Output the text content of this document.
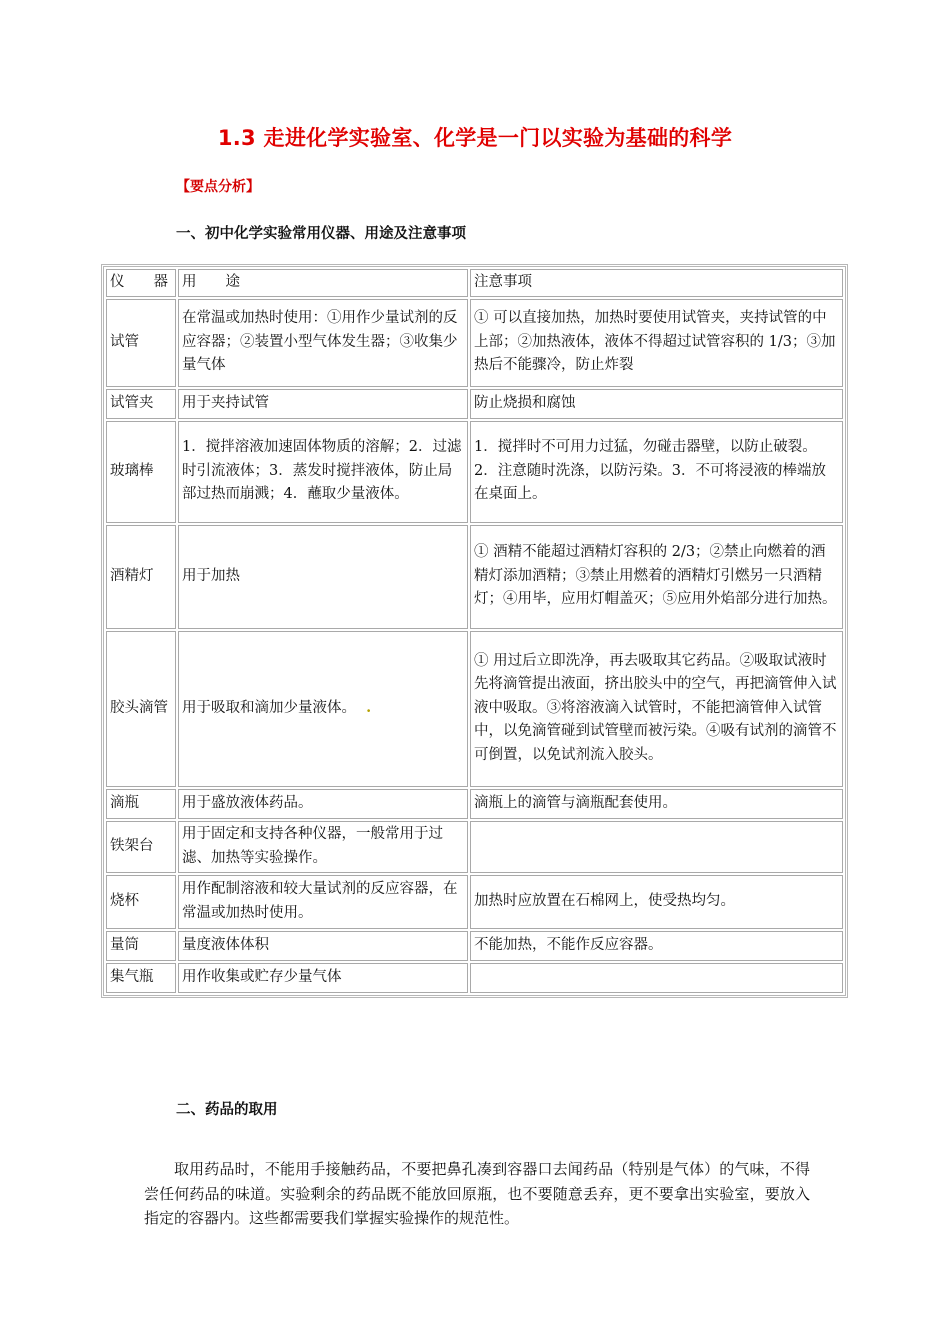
1.3 走进化学实验室、化学是一门以实验为基础的科学
【要点分析】
一、初中化学实验常用仪器、用途及注意事项
仪　　器	用　　途	注意事项
试管	在常温或加热时使用：①用作少量试剂的反应容器；②装置小型气体发生器；③收集少量气体	① 可以直接加热，加热时要使用试管夹，夹持试管的中上部；②加热液体，液体不得超过试管容积的 1/3；③加热后不能骤冷，防止炸裂
试管夹	用于夹持试管	防止烧损和腐蚀
玻璃棒	1．搅拌溶液加速固体物质的溶解；2．过滤时引流液体；3．蒸发时搅拌液体，防止局部过热而崩溅；4．蘸取少量液体。	1．搅拌时不可用力过猛，勿碰击器壁，以防止破裂。2．注意随时洗涤，以防污染。3．不可将浸液的棒端放在桌面上。
酒精灯	用于加热	① 酒精不能超过酒精灯容积的 2/3；②禁止向燃着的酒精灯添加酒精；③禁止用燃着的酒精灯引燃另一只酒精灯；④用毕，应用灯帽盖灭；⑤应用外焰部分进行加热。
胶头滴管	用于吸取和滴加少量液体。  .	① 用过后立即洗净，再去吸取其它药品。②吸取试液时先将滴管提出液面，挤出胶头中的空气，再把滴管伸入试液中吸取。③将溶液滴入试管时，不能把滴管伸入试管中，以免滴管碰到试管壁而被污染。④吸有试剂的滴管不可倒置，以免试剂流入胶头。
滴瓶	用于盛放液体药品。	滴瓶上的滴管与滴瓶配套使用。
铁架台	用于固定和支持各种仪器，一般常用于过滤、加热等实验操作。	
烧杯	用作配制溶液和较大量试剂的反应容器，在常温或加热时使用。	加热时应放置在石棉网上，使受热均匀。
量筒	量度液体体积	不能加热，不能作反应容器。
集气瓶	用作收集或贮存少量气体	
二、药品的取用

取用药品时，不能用手接触药品，不要把鼻孔凑到容器口去闻药品（特别是气体）的气味，不得尝任何药品的味道。实验剩余的药品既不能放回原瓶，也不要随意丢弃，更不要拿出实验室，要放入指定的容器内。这些都需要我们掌握实验操作的规范性。
